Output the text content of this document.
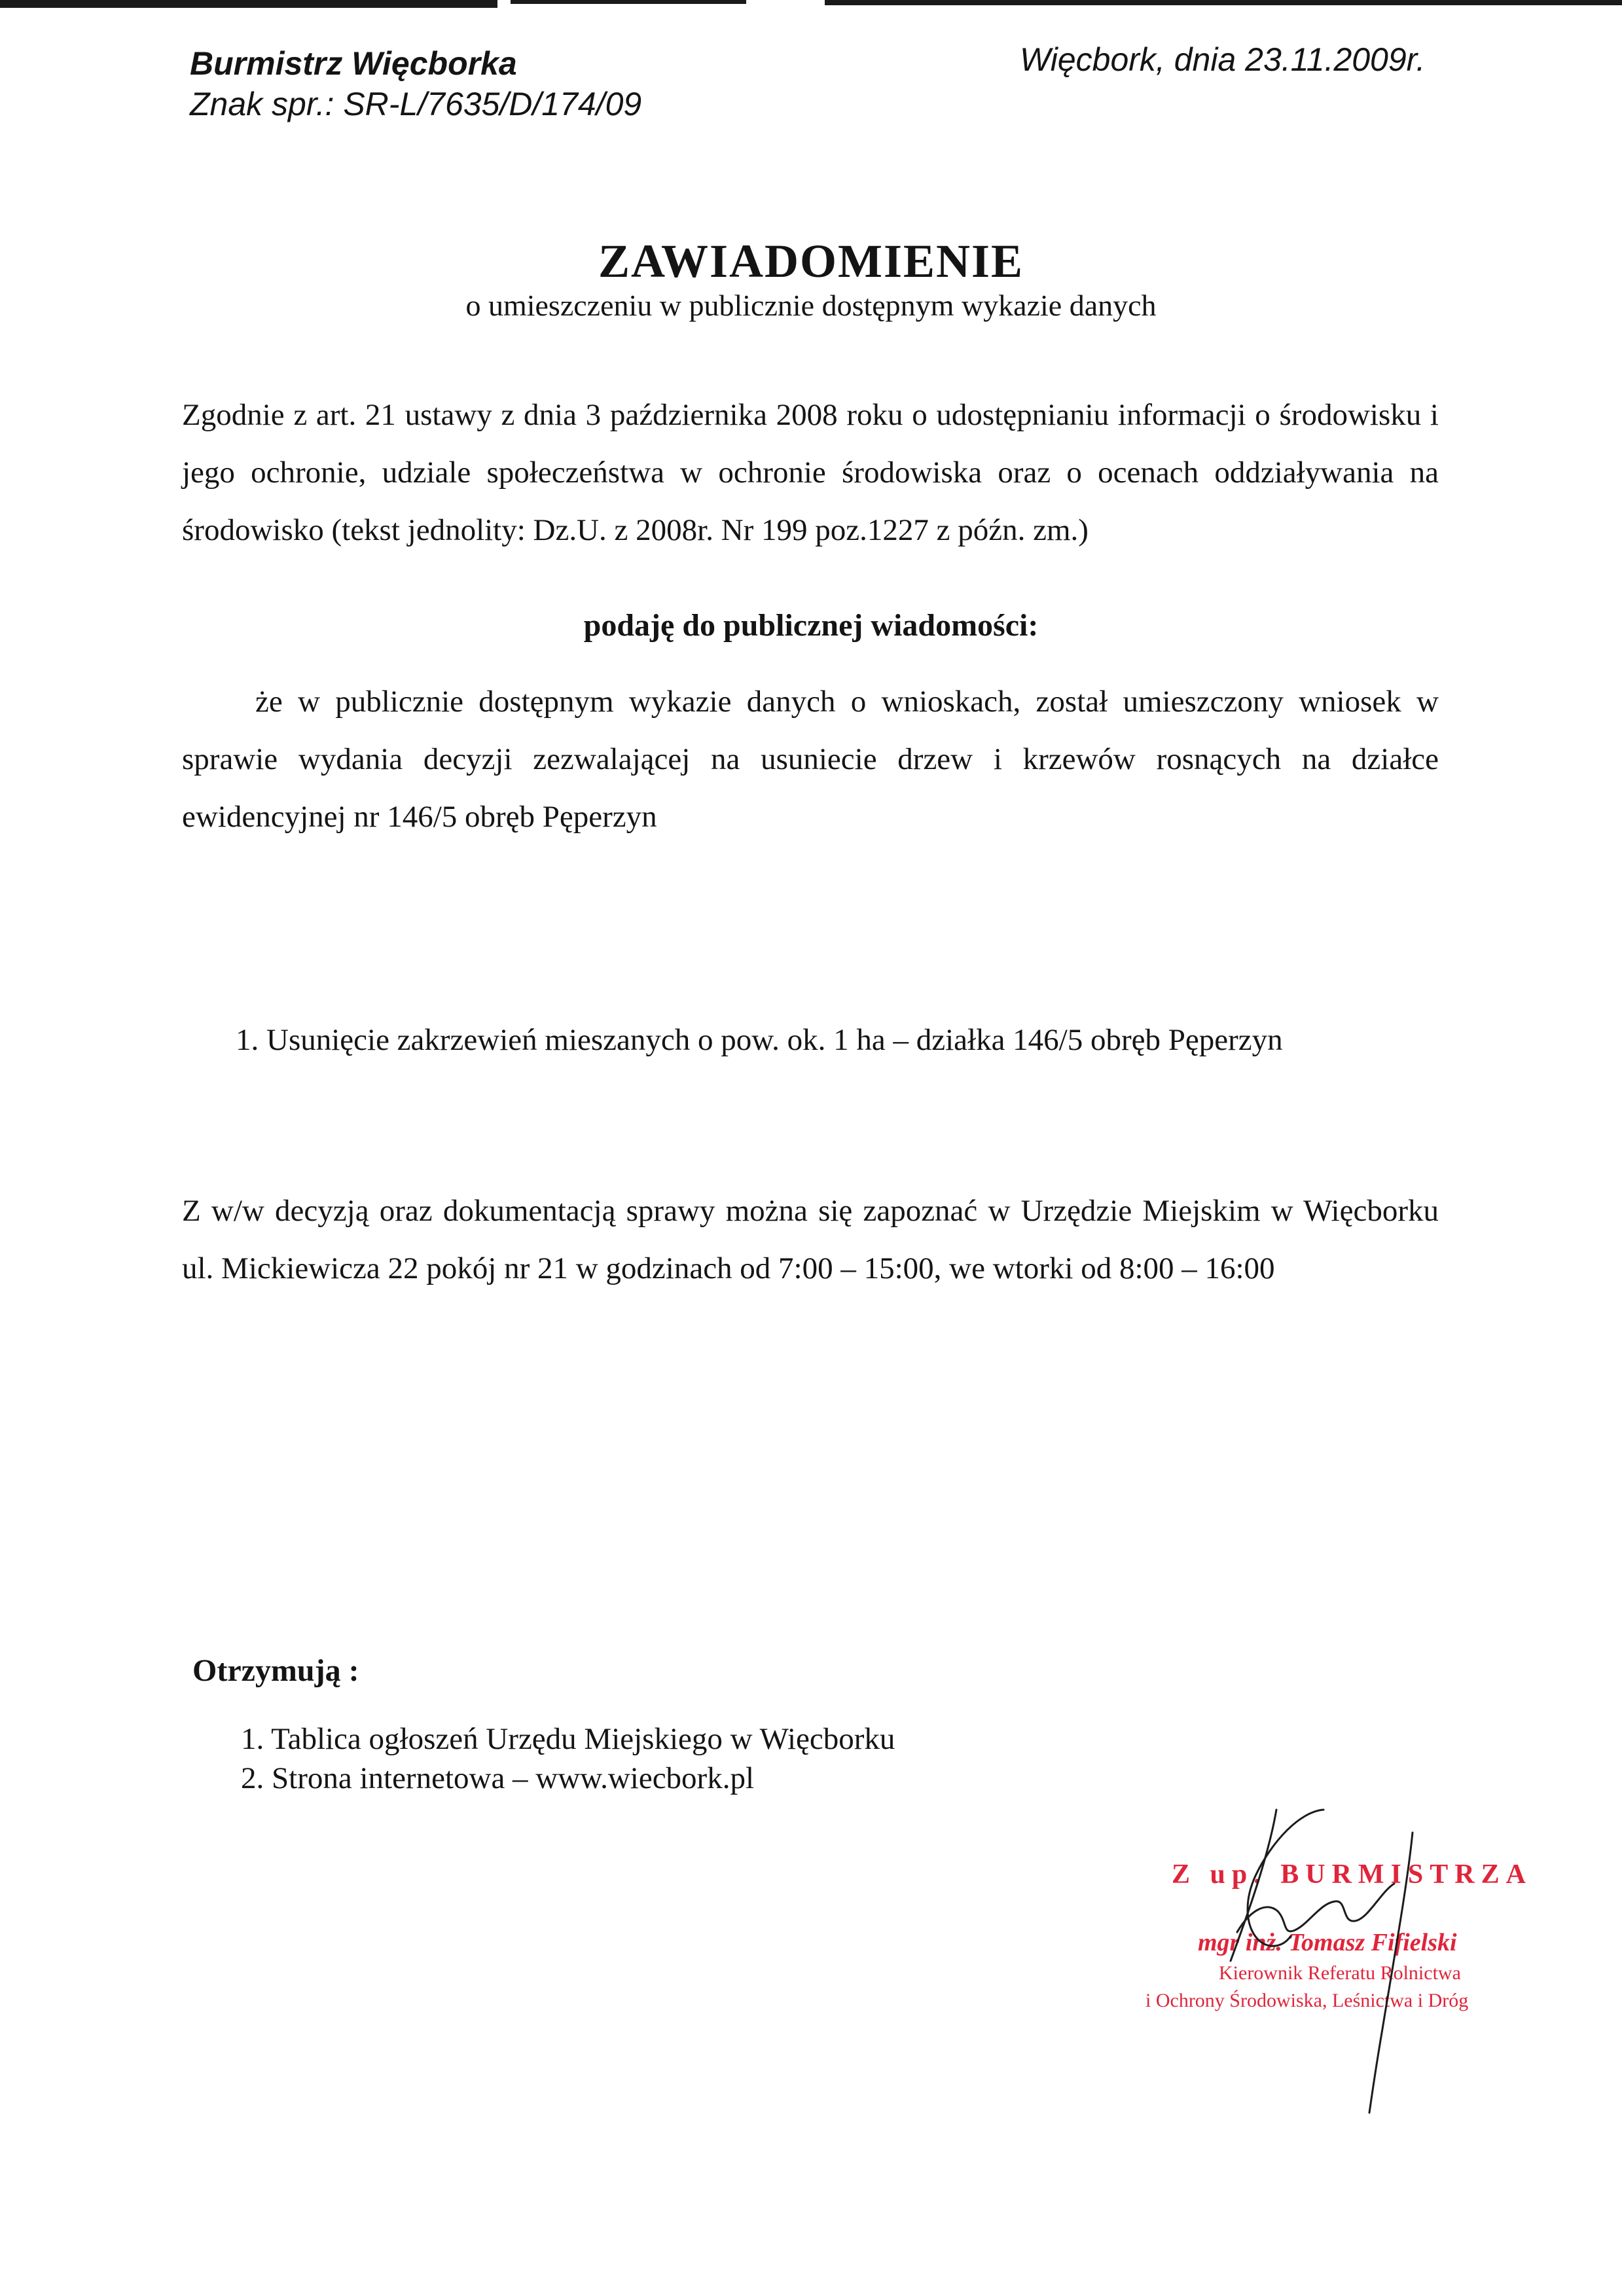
Burmistrz Więcborka
Znak spr.: SR-L/7635/D/174/09
Więcbork, dnia 23.11.2009r.
ZAWIADOMIENIE
o umieszczeniu w publicznie dostępnym wykazie danych
Zgodnie z art. 21 ustawy z dnia 3 października 2008 roku o udostępnianiu informacji o środowisku i jego ochronie, udziale społeczeństwa w ochronie środowiska oraz o ocenach oddziaływania na środowisko (tekst jednolity: Dz.U. z 2008r. Nr 199 poz.1227 z późn. zm.)
podaję do publicznej wiadomości:
że w publicznie dostępnym wykazie danych o wnioskach, został umieszczony wniosek w sprawie wydania decyzji zezwalającej na usuniecie drzew i krzewów rosnących na działce ewidencyjnej nr 146/5 obręb Pęperzyn
1. Usunięcie zakrzewień mieszanych o pow. ok. 1 ha – działka 146/5 obręb Pęperzyn
Z w/w decyzją oraz dokumentacją sprawy można się zapoznać w Urzędzie Miejskim w Więcborku ul. Mickiewicza 22 pokój nr 21 w godzinach od 7:00 – 15:00, we wtorki od 8:00 – 16:00
Otrzymują :
1. Tablica ogłoszeń Urzędu Miejskiego w Więcborku
2. Strona internetowa – www.wiecbork.pl
Z up. BURMISTRZA
mgr inż. Tomasz Fifielski
Kierownik Referatu Rolnictwa
i Ochrony Środowiska, Leśnictwa i Dróg
